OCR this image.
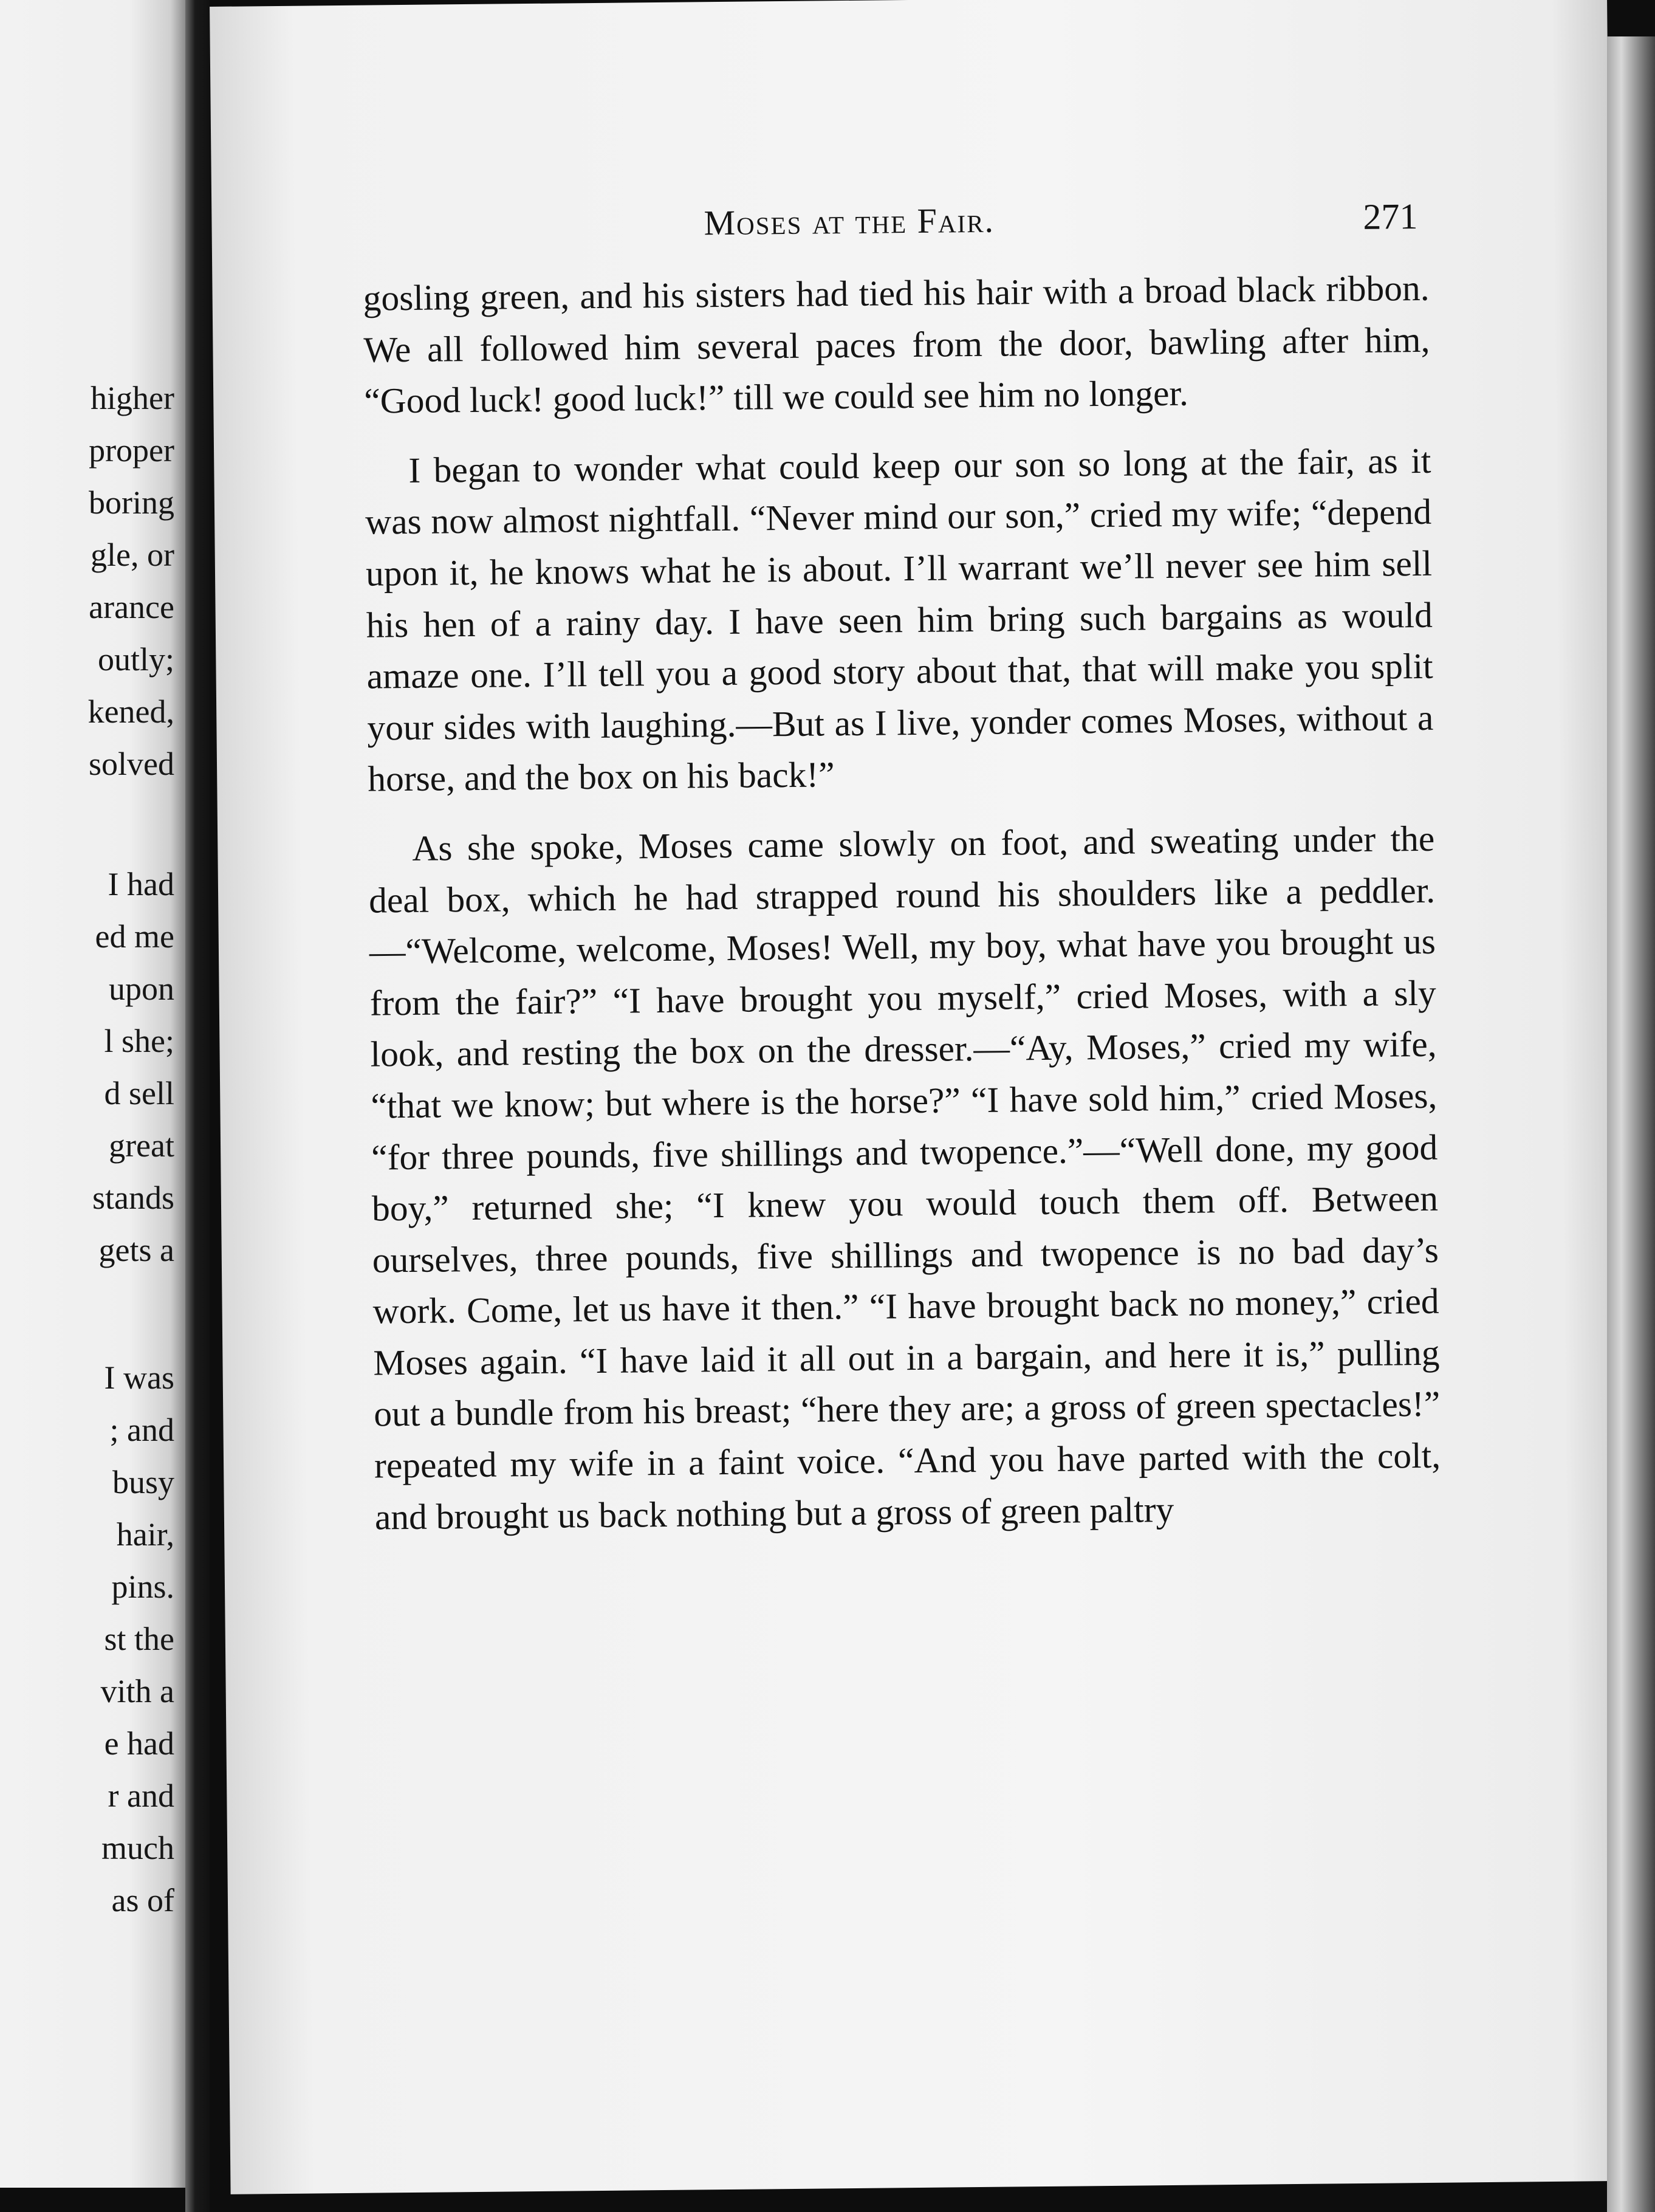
higher
proper
boring
gle, or
arance
outly;
kened,
solved
I had
ed me
upon
l she;
d sell
great
stands
gets a
I was
; and
busy
hair,
pins.
st the
vith a
e had
r and
much
as of
Moses at the Fair.	271

gosling green, and his sisters had tied his hair with a broad black ribbon. We all followed him several paces from the door, bawling after him, “Good luck! good luck!” till we could see him no longer.

I began to wonder what could keep our son so long at the fair, as it was now almost nightfall. “Never mind our son,” cried my wife; “depend upon it, he knows what he is about. I’ll warrant we’ll never see him sell his hen of a rainy day. I have seen him bring such bargains as would amaze one. I’ll tell you a good story about that, that will make you split your sides with laughing.—But as I live, yonder comes Moses, without a horse, and the box on his back!”

As she spoke, Moses came slowly on foot, and sweating under the deal box, which he had strapped round his shoulders like a peddler.—“Welcome, welcome, Moses! Well, my boy, what have you brought us from the fair?” “I have brought you myself,” cried Moses, with a sly look, and resting the box on the dresser.—“Ay, Moses,” cried my wife, “that we know; but where is the horse?” “I have sold him,” cried Moses, “for three pounds, five shillings and twopence.”—“Well done, my good boy,” returned she; “I knew you would touch them off. Between ourselves, three pounds, five shillings and twopence is no bad day’s work. Come, let us have it then.” “I have brought back no money,” cried Moses again. “I have laid it all out in a bargain, and here it is,” pulling out a bundle from his breast; “here they are; a gross of green spectacles!” repeated my wife in a faint voice. “And you have parted with the colt, and brought us back nothing but a gross of green paltry
